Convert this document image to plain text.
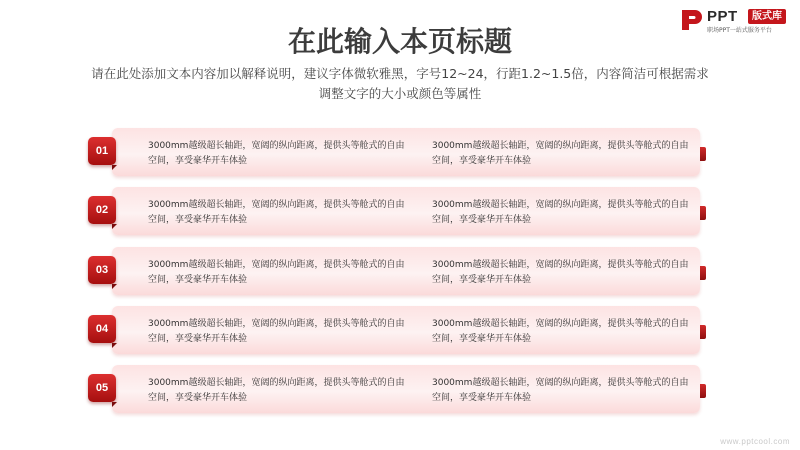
PPT	版式库
职场PPT一站式服务平台
在此输入本页标题
请在此处添加文本内容加以解释说明，建议字体微软雅黑，字号12~24，行距1.2~1.5倍，内容简洁可根据需求调整文字的大小或颜色等属性
01	3000mm越级超长轴距，宽阔的纵向距离，提供头等舱式的自由空间，享受豪华开车体验
3000mm越级超长轴距，宽阔的纵向距离，提供头等舱式的自由空间，享受豪华开车体验
02	3000mm越级超长轴距，宽阔的纵向距离，提供头等舱式的自由空间，享受豪华开车体验
3000mm越级超长轴距，宽阔的纵向距离，提供头等舱式的自由空间，享受豪华开车体验
03	3000mm越级超长轴距，宽阔的纵向距离，提供头等舱式的自由空间，享受豪华开车体验
3000mm越级超长轴距，宽阔的纵向距离，提供头等舱式的自由空间，享受豪华开车体验
04	3000mm越级超长轴距，宽阔的纵向距离，提供头等舱式的自由空间，享受豪华开车体验
3000mm越级超长轴距，宽阔的纵向距离，提供头等舱式的自由空间，享受豪华开车体验
05	3000mm越级超长轴距，宽阔的纵向距离，提供头等舱式的自由空间，享受豪华开车体验
3000mm越级超长轴距，宽阔的纵向距离，提供头等舱式的自由空间，享受豪华开车体验
www.pptcool.com
